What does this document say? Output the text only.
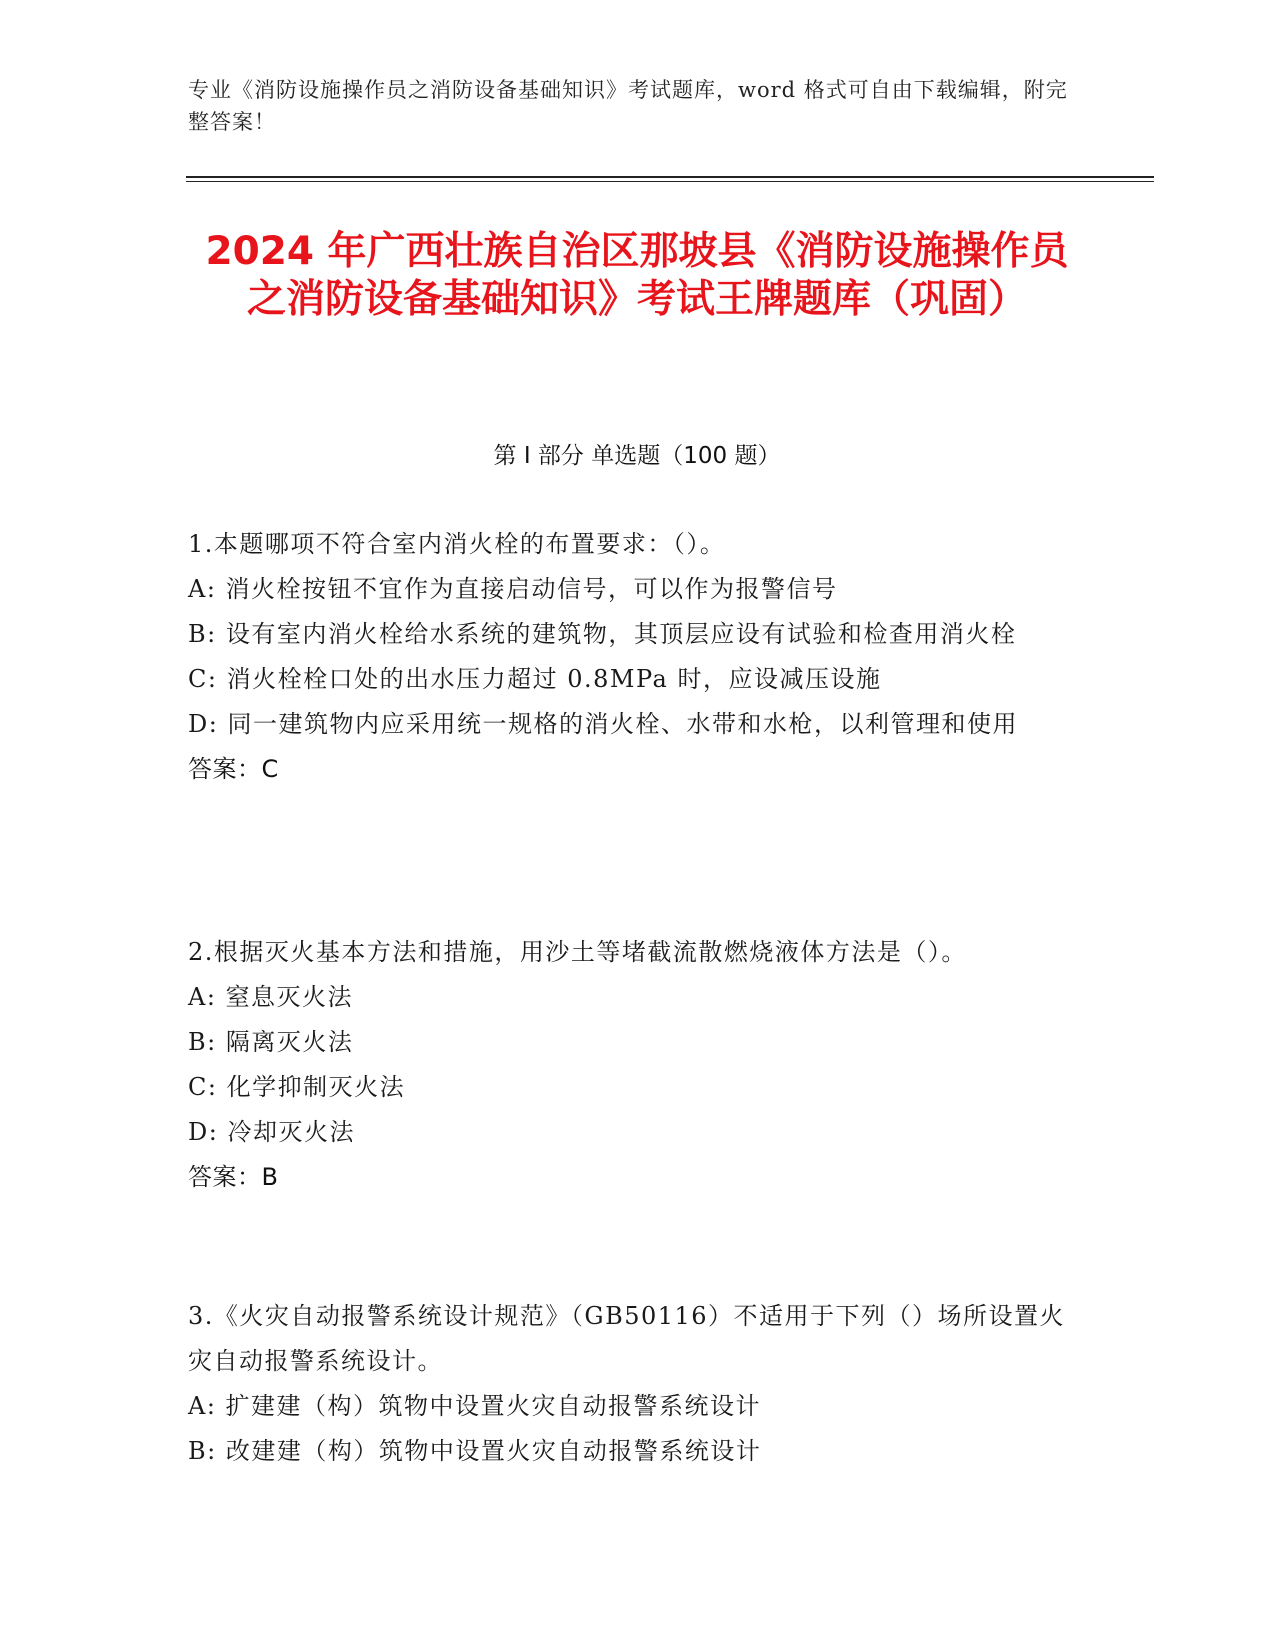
专业《消防设施操作员之消防设备基础知识》考试题库，word 格式可自由下载编辑，附完整答案！
2024 年广西壮族自治区那坡县《消防设施操作员之消防设备基础知识》考试王牌题库（巩固）
第 I 部分 单选题（100 题）

1.本题哪项不符合室内消火栓的布置要求：（）。

A: 消火栓按钮不宜作为直接启动信号，可以作为报警信号

B: 设有室内消火栓给水系统的建筑物，其顶层应设有试验和检查用消火栓

C: 消火栓栓口处的出水压力超过 0.8MPa 时，应设减压设施

D: 同一建筑物内应采用统一规格的消火栓、水带和水枪，以利管理和使用

答案：C

2.根据灭火基本方法和措施，用沙土等堵截流散燃烧液体方法是（）。

A: 窒息灭火法

B: 隔离灭火法

C: 化学抑制灭火法

D: 冷却灭火法

答案：B

3.《火灾自动报警系统设计规范》（GB50116）不适用于下列（）场所设置火灾自动报警系统设计。

A: 扩建建（构）筑物中设置火灾自动报警系统设计

B: 改建建（构）筑物中设置火灾自动报警系统设计
